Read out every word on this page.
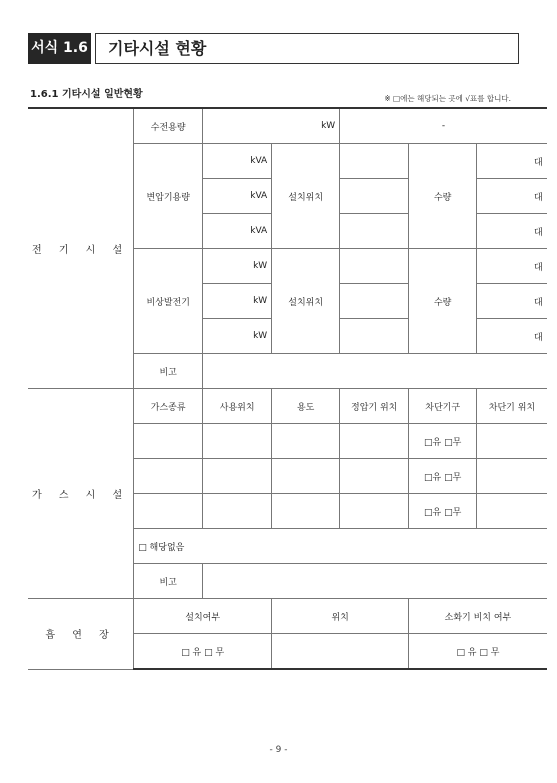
서식 1.6	기타시설 현황
1.6.1 기타시설 일반현황	※ □에는 해당되는 곳에 √표를 합니다.
전 기 시 설	수전용량	kW		-		
	변압기용량	kVA	설치위치		수량	대
		kVA				대
		kVA				대
	비상발전기	kW	설치위치		수량	대
		kW				대
		kW				대
	비고					
가 스 시 설	가스종류	사용위치	용도	정압기 위치	차단기구	차단기 위치
					□유 □무	
					□유 □무	
					□유 □무	
	□ 해당없음					
	비고					
흡 연 장	설치여부		위치		소화기 비치 여부	
	□ 유 □ 무				□ 유 □ 무	
- 9 -
